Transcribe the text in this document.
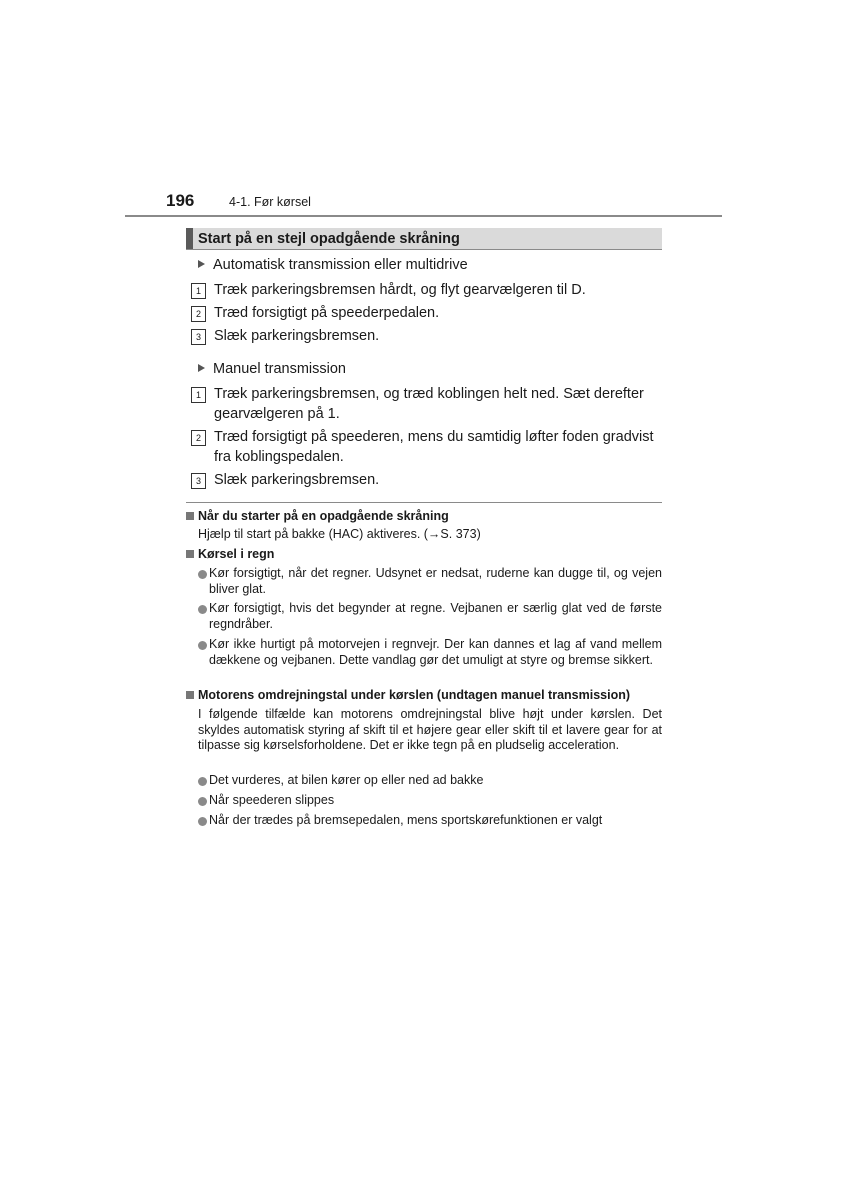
196	4-1. Før kørsel
Start på en stejl opadgående skråning
Automatisk transmission eller multidrive
1 Træk parkeringsbremsen hårdt, og flyt gearvælgeren til D.
2 Træd forsigtigt på speederpedalen.
3 Slæk parkeringsbremsen.
Manuel transmission
1 Træk parkeringsbremsen, og træd koblingen helt ned. Sæt derefter gearvælgeren på 1.
2 Træd forsigtigt på speederen, mens du samtidig løfter foden gradvist fra koblingspedalen.
3 Slæk parkeringsbremsen.
Når du starter på en opadgående skråning
Hjælp til start på bakke (HAC) aktiveres. (→S. 373)
Kørsel i regn
Kør forsigtigt, når det regner. Udsynet er nedsat, ruderne kan dugge til, og vejen bliver glat.
Kør forsigtigt, hvis det begynder at regne. Vejbanen er særlig glat ved de første regndråber.
Kør ikke hurtigt på motorvejen i regnvejr. Der kan dannes et lag af vand mellem dækkene og vejbanen. Dette vandlag gør det umuligt at styre og bremse sikkert.
Motorens omdrejningstal under kørslen (undtagen manuel transmission)
I følgende tilfælde kan motorens omdrejningstal blive højt under kørslen. Det skyldes automatisk styring af skift til et højere gear eller skift til et lavere gear for at tilpasse sig kørselsforholdene. Det er ikke tegn på en pludselig acceleration.
Det vurderes, at bilen kører op eller ned ad bakke
Når speederen slippes
Når der trædes på bremsepedalen, mens sportskørefunktionen er valgt
